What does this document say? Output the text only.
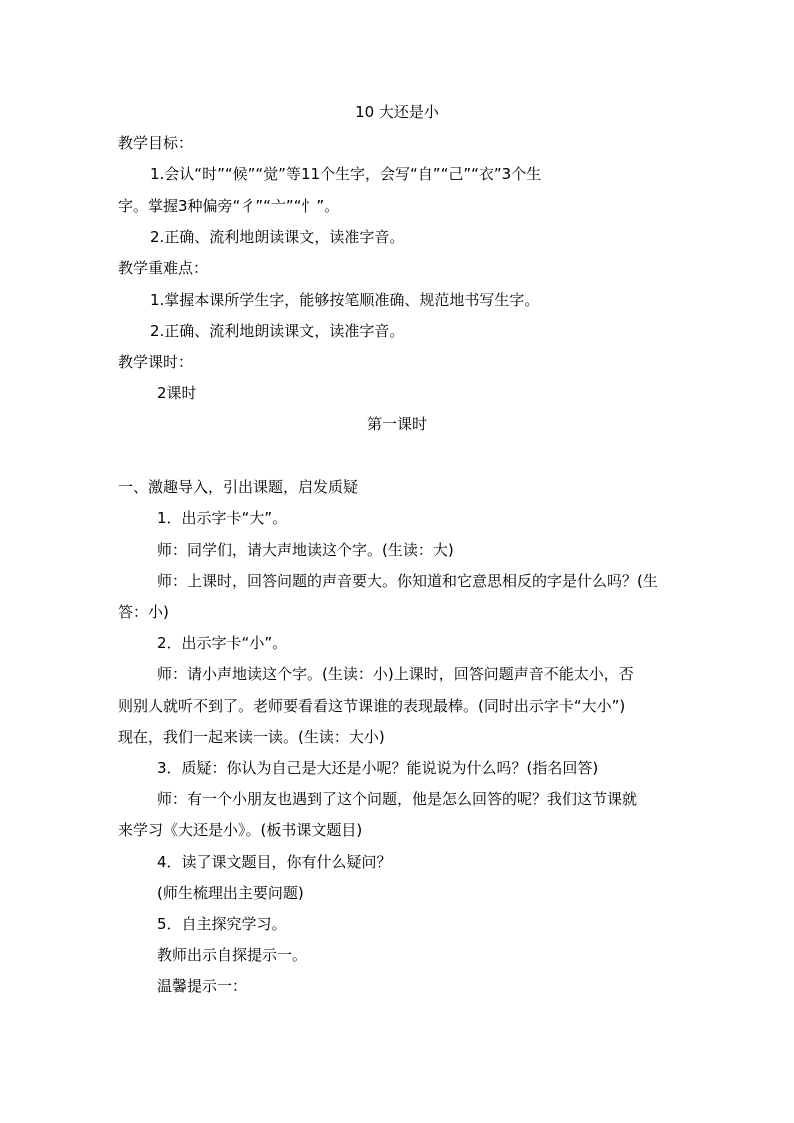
10 大还是小
教学目标：
1.会认“时”“候”“觉”等11个生字，会写“自”“己”“衣”3个生
字。掌握3种偏旁“彳”“亠”“忄”。
2.正确、流利地朗读课文，读准字音。
教学重难点：
1.掌握本课所学生字，能够按笔顺准确、规范地书写生字。
2.正确、流利地朗读课文，读准字音。
教学课时：
2课时
第一课时
一、激趣导入，引出课题，启发质疑
1．出示字卡“大”。
师：同学们，请大声地读这个字。(生读：大)
师：上课时，回答问题的声音要大。你知道和它意思相反的字是什么吗？(生
答：小)
2．出示字卡“小”。
师：请小声地读这个字。(生读：小)上课时，回答问题声音不能太小，否
则别人就听不到了。老师要看看这节课谁的表现最棒。(同时出示字卡“大小”)
现在，我们一起来读一读。(生读：大小)
3．质疑：你认为自己是大还是小呢？能说说为什么吗？(指名回答)
师：有一个小朋友也遇到了这个问题，他是怎么回答的呢？我们这节课就
来学习《大还是小》。(板书课文题目)
4．读了课文题目，你有什么疑问？
(师生梳理出主要问题)
5．自主探究学习。
教师出示自探提示一。
温馨提示一：
